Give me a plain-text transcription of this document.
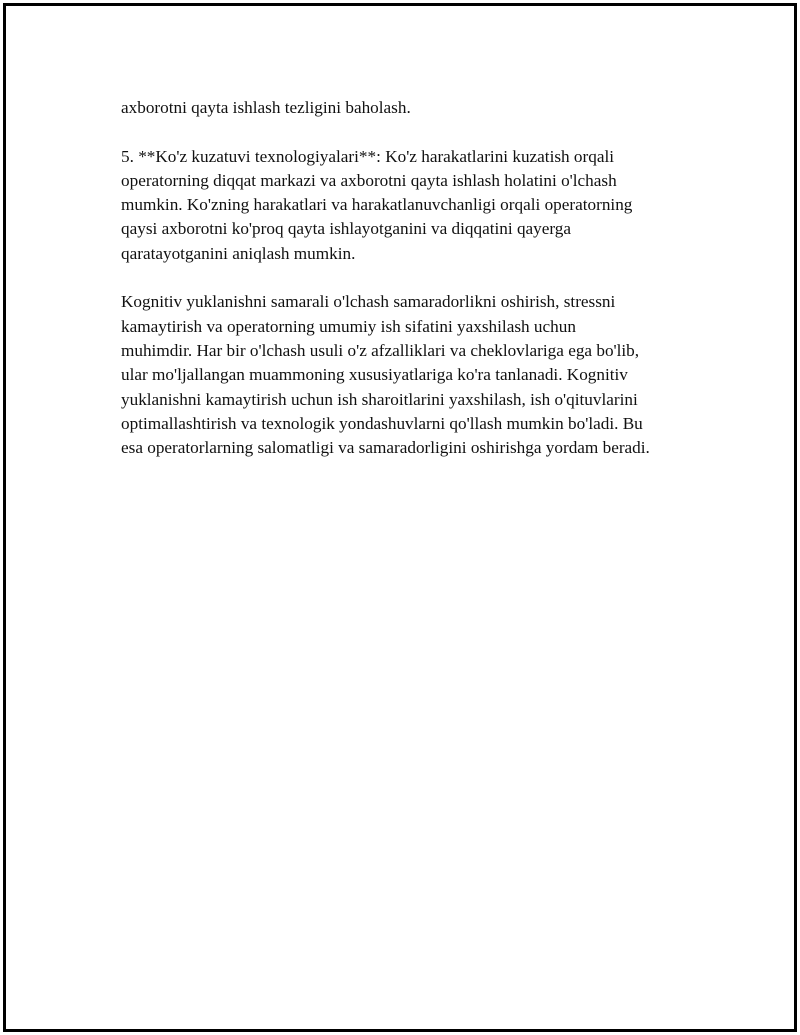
axborotni qayta ishlash tezligini baholash.

5. **Ko'z kuzatuvi texnologiyalari**: Ko'z harakatlarini kuzatish orqali
operatorning diqqat markazi va axborotni qayta ishlash holatini o'lchash
mumkin. Ko'zning harakatlari va harakatlanuvchanligi orqali operatorning
qaysi axborotni ko'proq qayta ishlayotganini va diqqatini qayerga
qaratayotganini aniqlash mumkin.

Kognitiv yuklanishni samarali o'lchash samaradorlikni oshirish, stressni
kamaytirish va operatorning umumiy ish sifatini yaxshilash uchun
muhimdir. Har bir o'lchash usuli o'z afzalliklari va cheklovlariga ega bo'lib,
ular mo'ljallangan muammoning xususiyatlariga ko'ra tanlanadi. Kognitiv
yuklanishni kamaytirish uchun ish sharoitlarini yaxshilash, ish o'qituvlarini
optimallashtirish va texnologik yondashuvlarni qo'llash mumkin bo'ladi. Bu
esa operatorlarning salomatligi va samaradorligini oshirishga yordam beradi.
